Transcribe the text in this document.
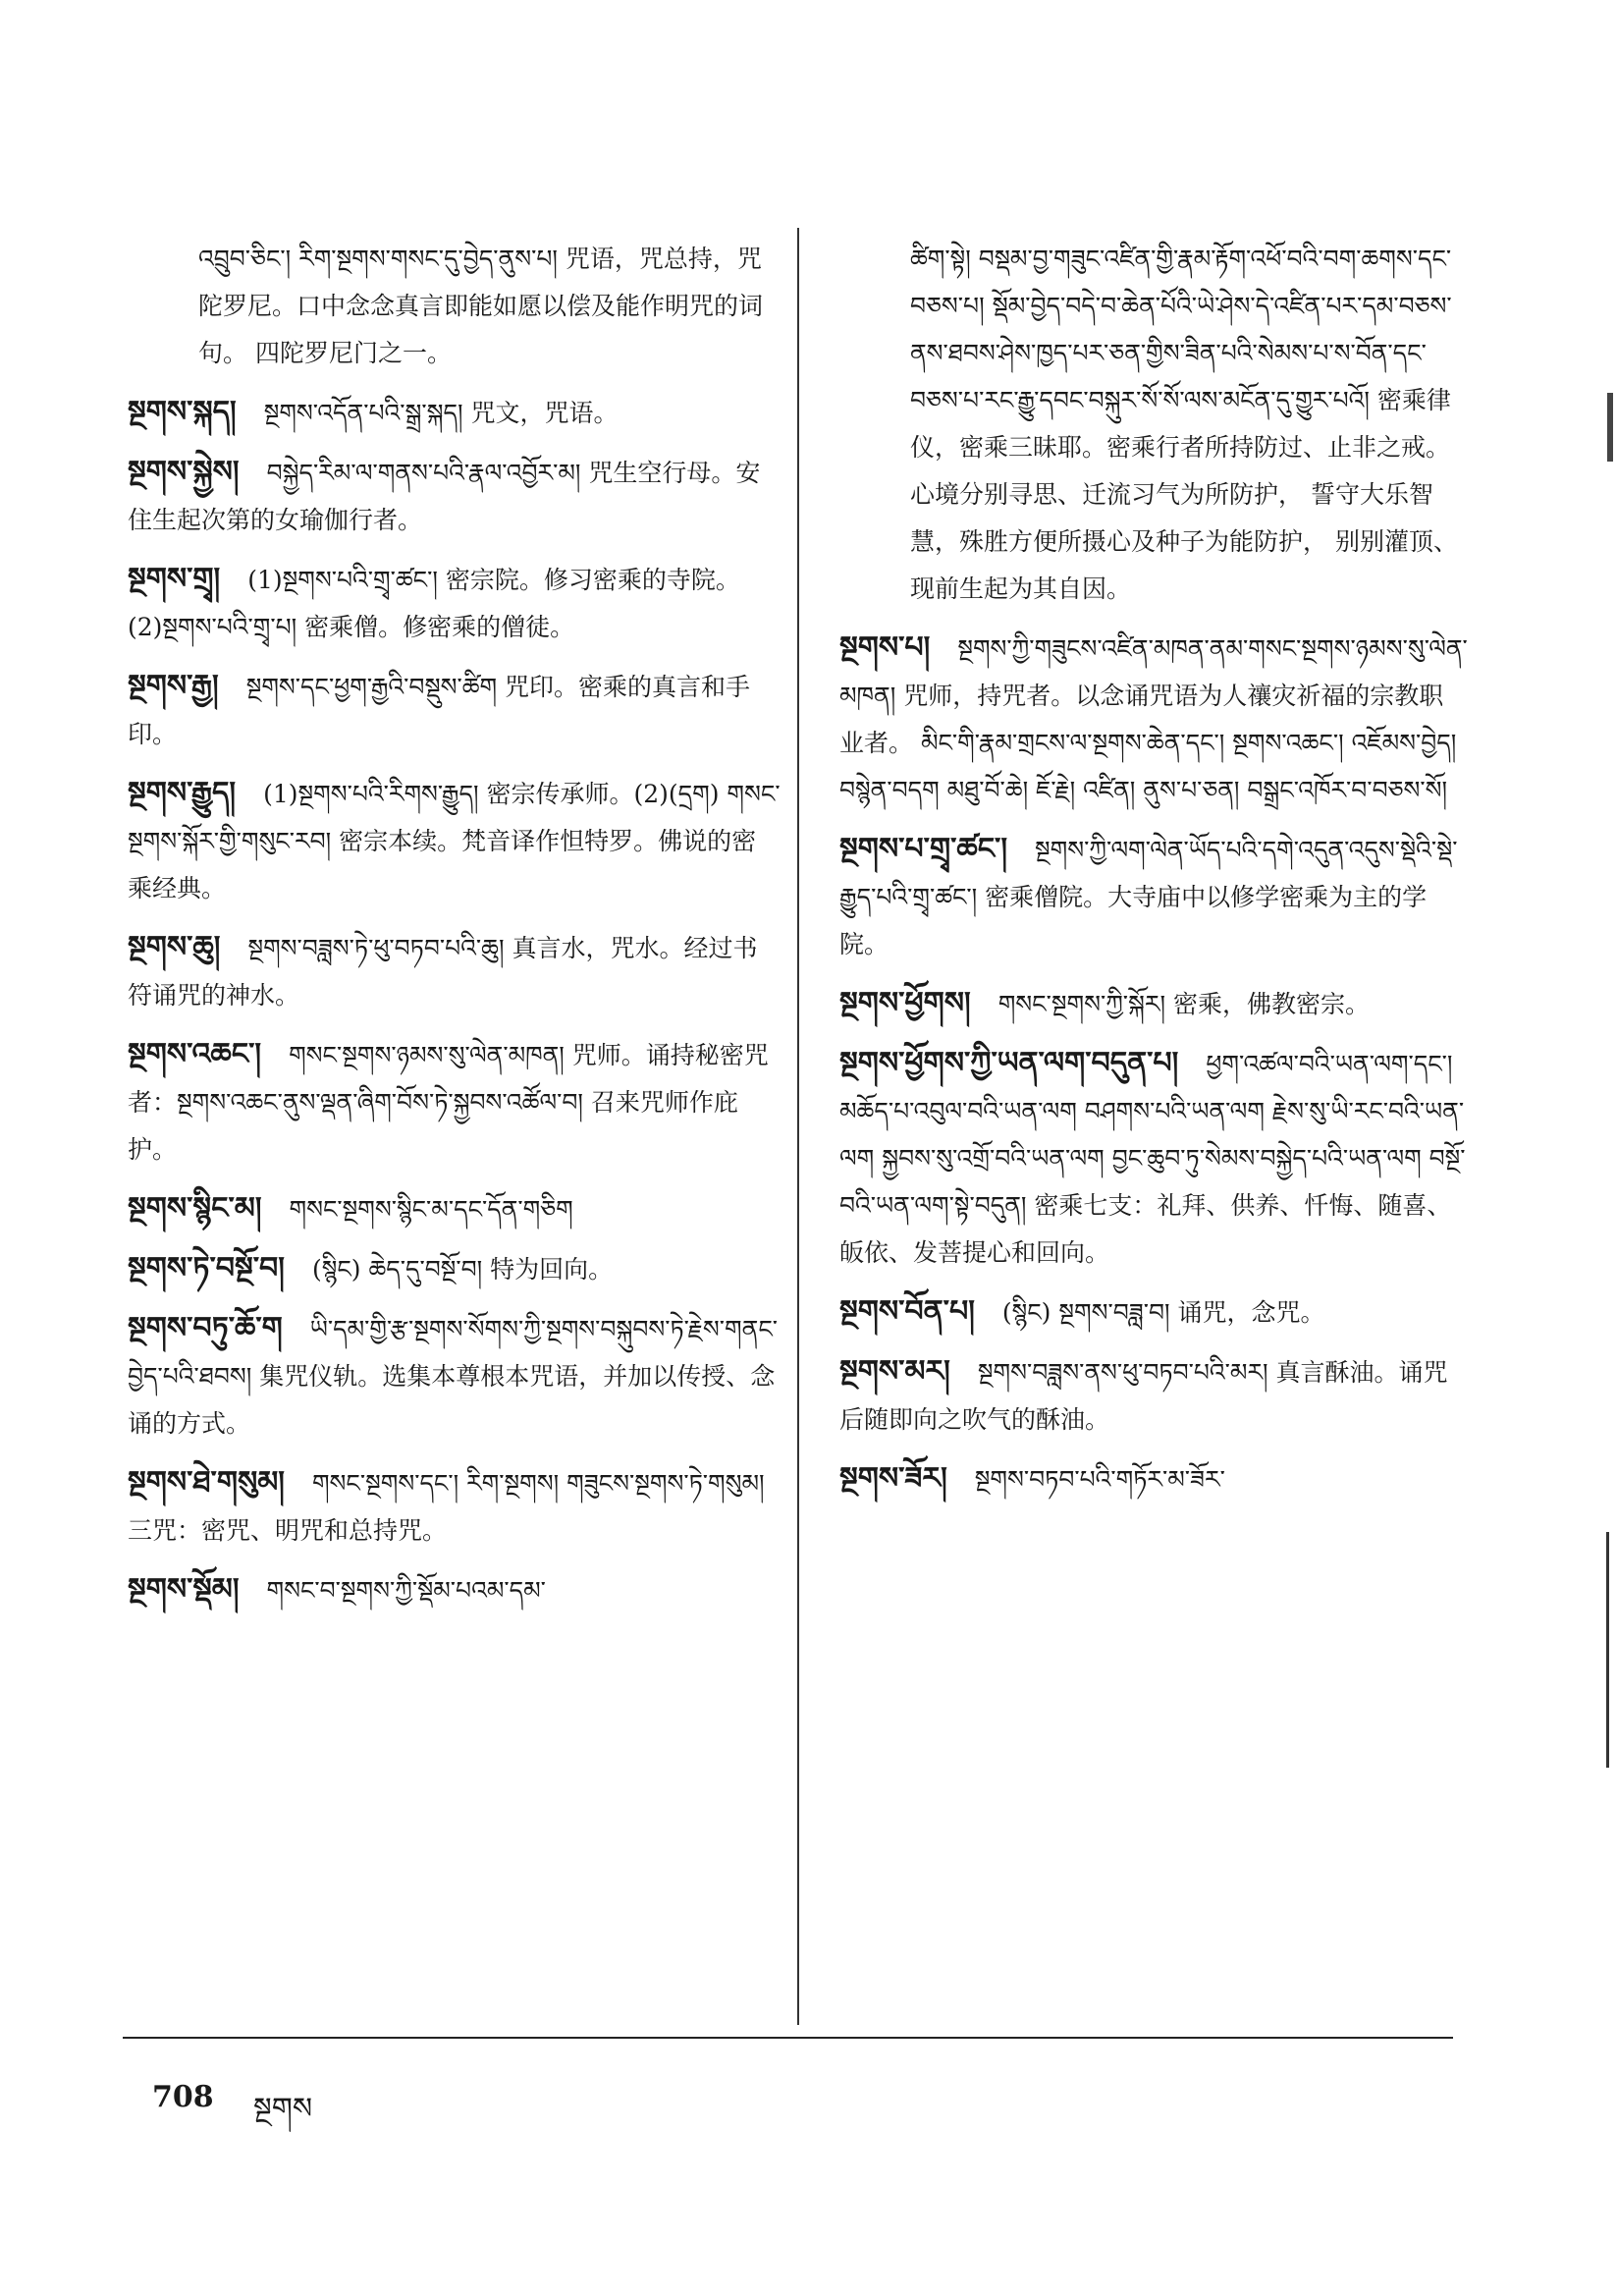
འབྲུབ་ཅིང་། རིག་སྔགས་གསང་དུ་བྱེད་ནུས་པ། 咒语，咒总持，咒陀罗尼。口中念念真言即能如愿以偿及能作明咒的词句。 四陀罗尼门之一。
སྔགས་སྐད། སྔགས་འདོན་པའི་སྒྲ་སྐད། 咒文，咒语。
སྔགས་སྐྱེས། བསྐྱེད་རིམ་ལ་གནས་པའི་རྣལ་འབྱོར་མ། 咒生空行母。安住生起次第的女瑜伽行者。
སྔགས་གྲྭ། (1)སྔགས་པའི་གྲྭ་ཚང་། 密宗院。修习密乘的寺院。(2)སྔགས་པའི་གྲྭ་པ། 密乘僧。修密乘的僧徒。
སྔགས་རྒྱ། སྔགས་དང་ཕྱག་རྒྱའི་བསྡུས་ཚིག 咒印。密乘的真言和手印。
སྔགས་རྒྱུད། (1)སྔགས་པའི་རིགས་རྒྱུད། 密宗传承师。(2)(དྲག) གསང་སྔགས་སྐོར་གྱི་གསུང་རབ། 密宗本续。梵音译作怛特罗。佛说的密乘经典。
སྔགས་ཆུ། སྔགས་བཟླས་ཏེ་ཕུ་བཏབ་པའི་ཆུ། 真言水，咒水。经过书符诵咒的神水。
སྔགས་འཆང་། གསང་སྔགས་ཉམས་སུ་ལེན་མཁན། 咒师。诵持秘密咒者：སྔགས་འཆང་ནུས་ལྡན་ཞིག་བོས་ཏེ་སྐྱབས་འཚོལ་བ། 召来咒师作庇护。
སྔགས་སྙིང་མ། གསང་སྔགས་སྙིང་མ་དང་དོན་གཅིག
སྔགས་ཏེ་བསྔོ་བ། (སྙིང) ཆེད་དུ་བསྔོ་བ། 特为回向。
སྔགས་བཏུ་ཆོ་ག ཡི་དམ་གྱི་རྩ་སྔགས་སོགས་ཀྱི་སྔགས་བསྐུབས་ཏེ་རྗེས་གནང་བྱེད་པའི་ཐབས། 集咒仪轨。选集本尊根本咒语，并加以传授、念诵的方式。
སྔགས་ཐེ་གསུམ། གསང་སྔགས་དང་། རིག་སྔགས། གཟུངས་སྔགས་ཏེ་གསུམ། 三咒：密咒、明咒和总持咒。
སྔགས་སྡོམ། གསང་བ་སྔགས་ཀྱི་སྡོམ་པའམ་དམ་
ཚིག་སྟེ། བསྡམ་བྱ་གཟུང་འཛིན་གྱི་རྣམ་རྟོག་འཕོ་བའི་བག་ཆགས་དང་བཅས་པ། སྡོམ་བྱེད་བདེ་བ་ཆེན་པོའི་ཡེ་ཤེས་དེ་འཛིན་པར་དམ་བཅས་ནས་ཐབས་ཤེས་ཁྱད་པར་ཅན་གྱིས་ཟིན་པའི་སེམས་པ་ས་བོན་དང་བཅས་པ་རང་རྒྱུ་དབང་བསྐུར་སོ་སོ་ལས་མངོན་དུ་གྱུར་པའོ། 密乘律仪，密乘三昧耶。密乘行者所持防过、止非之戒。心境分别寻思、迁流习气为所防护， 誓守大乐智慧，殊胜方便所摄心及种子为能防护， 别别灌顶、现前生起为其自因。
སྔགས་པ། སྔགས་ཀྱི་གཟུངས་འཛིན་མཁན་ནམ་གསང་སྔགས་ཉམས་སུ་ལེན་མཁན། 咒师，持咒者。以念诵咒语为人禳灾祈福的宗教职业者。 མིང་གི་རྣམ་གྲངས་ལ་སྔགས་ཆེན་དང་། སྔགས་འཆང་། འཇོམས་བྱེད། བསྙེན་བདག མཐུ་བོ་ཆེ། ཇོ་རྗེ། འཛིན། ནུས་པ་ཅན། བསྒྲང་འཁོར་བ་བཅས་སོ།
སྔགས་པ་གྲྭ་ཚང་། སྔགས་ཀྱི་ལག་ལེན་ཡོད་པའི་དགེ་འདུན་འདུས་སྡེའི་སྡེ་རྒྱུད་པའི་གྲྭ་ཚང་། 密乘僧院。大寺庙中以修学密乘为主的学院。
སྔགས་ཕྱོགས། གསང་སྔགས་ཀྱི་སྐོར། 密乘，佛教密宗。
སྔགས་ཕྱོགས་ཀྱི་ཡན་ལག་བདུན་པ། ཕྱག་འཚལ་བའི་ཡན་ལག་དང་། མཆོད་པ་འབུལ་བའི་ཡན་ལག བཤགས་པའི་ཡན་ལག རྗེས་སུ་ཡི་རང་བའི་ཡན་ལག སྐྱབས་སུ་འགྲོ་བའི་ཡན་ལག བྱང་ཆུབ་ཏུ་སེམས་བསྐྱེད་པའི་ཡན་ལག བསྔོ་བའི་ཡན་ལག་སྟེ་བདུན། 密乘七支：礼拜、供养、忏悔、随喜、皈依、发菩提心和回向。
སྔགས་བོན་པ། (སྙིང) སྔགས་བཟླ་བ། 诵咒，念咒。
སྔགས་མར། སྔགས་བཟླས་ནས་ཕུ་བཏབ་པའི་མར། 真言酥油。诵咒后随即向之吹气的酥油。
སྔགས་ཟོར། སྔགས་བཏབ་པའི་གཏོར་མ་ཟོར་
708 སྔགས
